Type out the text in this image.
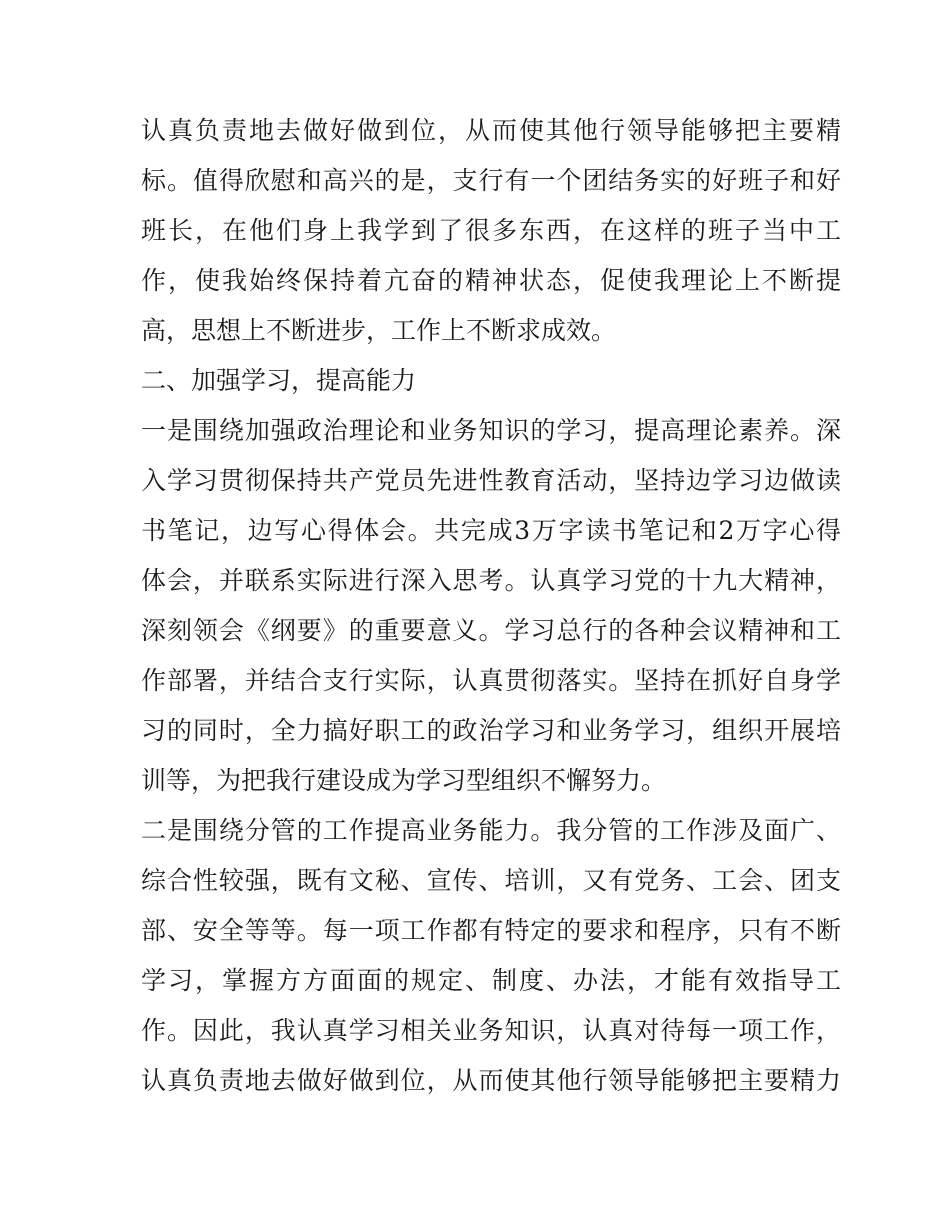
认真负责地去做好做到位，从而使其他行领导能够把主要精
标。值得欣慰和高兴的是，支行有一个团结务实的好班子和好
班长，在他们身上我学到了很多东西，在这样的班子当中工
作，使我始终保持着亢奋的精神状态，促使我理论上不断提
高，思想上不断进步，工作上不断求成效。
二、加强学习，提高能力
一是围绕加强政治理论和业务知识的学习，提高理论素养。深
入学习贯彻保持共产党员先进性教育活动，坚持边学习边做读
书笔记，边写心得体会。共完成3万字读书笔记和2万字心得
体会，并联系实际进行深入思考。认真学习党的十九大精神，
深刻领会《纲要》的重要意义。学习总行的各种会议精神和工
作部署，并结合支行实际，认真贯彻落实。坚持在抓好自身学
习的同时，全力搞好职工的政治学习和业务学习，组织开展培
训等，为把我行建设成为学习型组织不懈努力。
二是围绕分管的工作提高业务能力。我分管的工作涉及面广、
综合性较强，既有文秘、宣传、培训，又有党务、工会、团支
部、安全等等。每一项工作都有特定的要求和程序，只有不断
学习，掌握方方面面的规定、制度、办法，才能有效指导工
作。因此，我认真学习相关业务知识，认真对待每一项工作，
认真负责地去做好做到位，从而使其他行领导能够把主要精力
